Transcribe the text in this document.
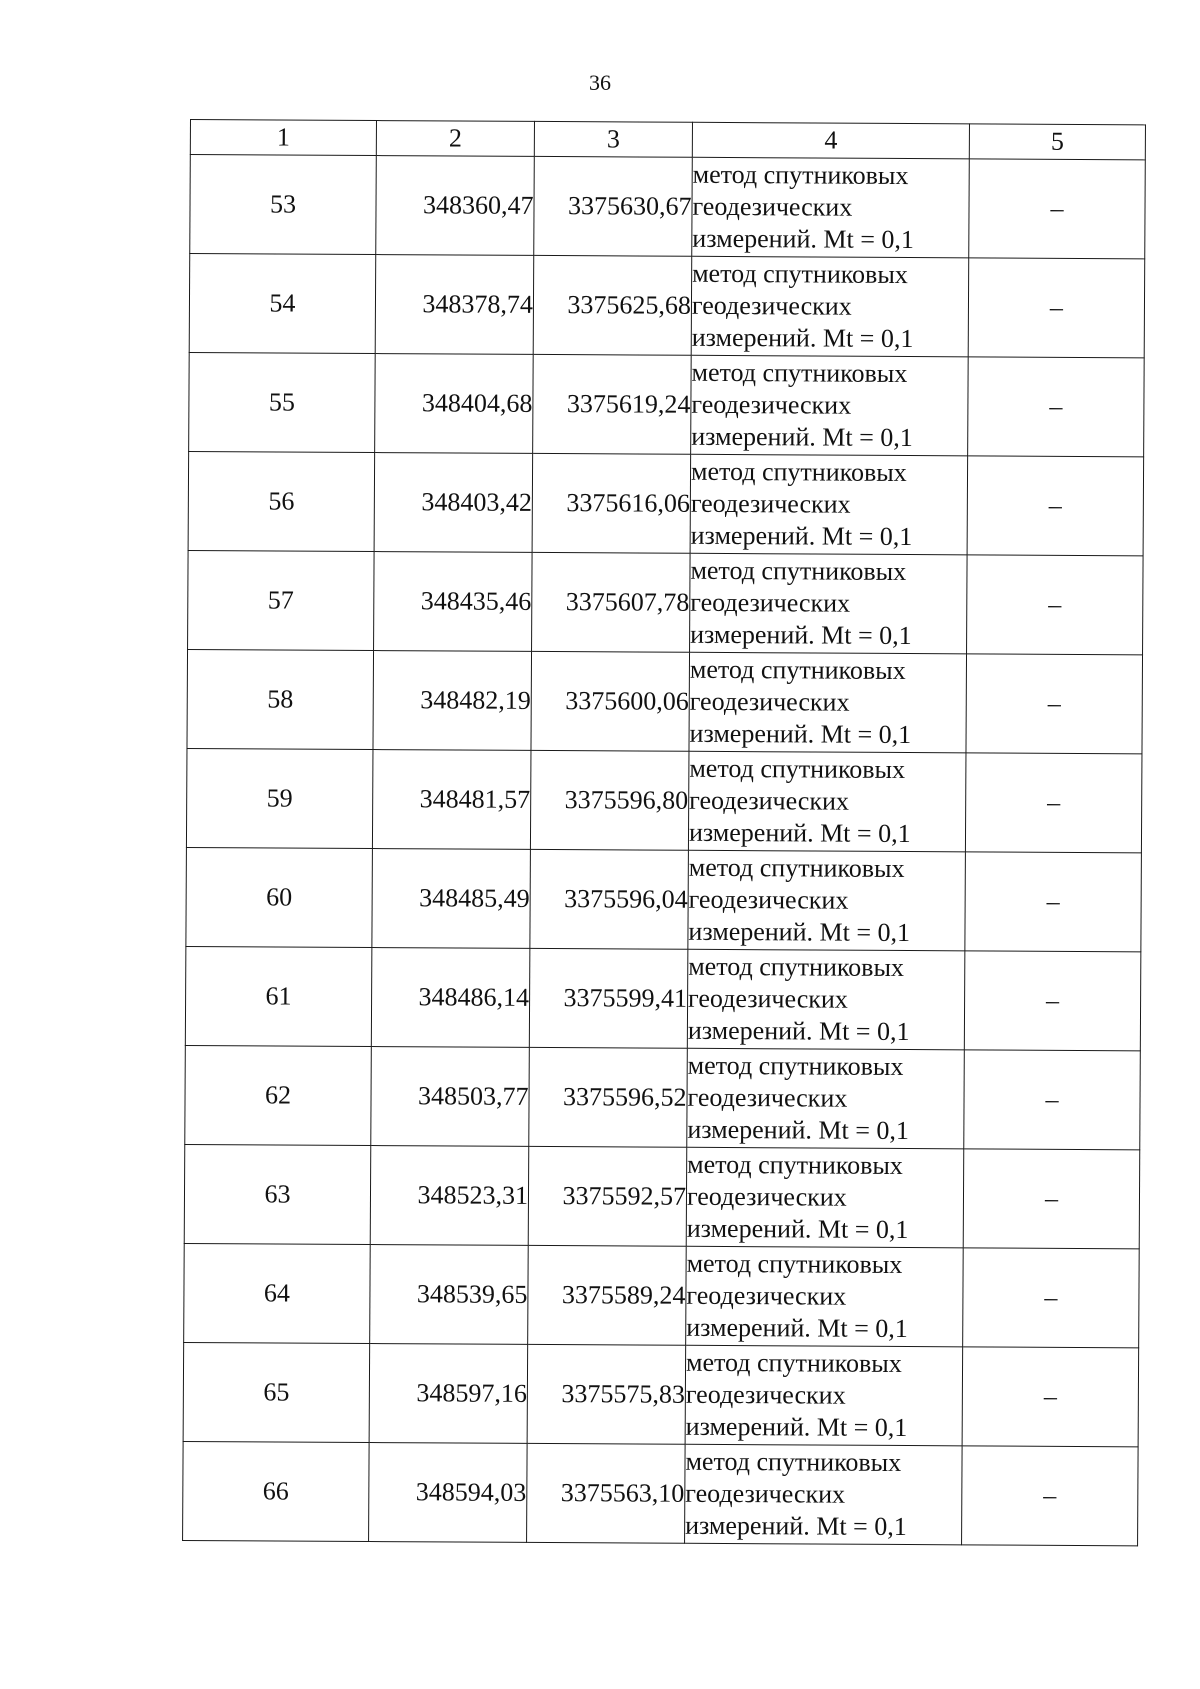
36
1	2	3	4	5
53	348360,47	3375630,67	метод спутниковых
геодезических
измерений. Mt = 0,1	–
54	348378,74	3375625,68	метод спутниковых
геодезических
измерений. Mt = 0,1	–
55	348404,68	3375619,24	метод спутниковых
геодезических
измерений. Mt = 0,1	–
56	348403,42	3375616,06	метод спутниковых
геодезических
измерений. Mt = 0,1	–
57	348435,46	3375607,78	метод спутниковых
геодезических
измерений. Mt = 0,1	–
58	348482,19	3375600,06	метод спутниковых
геодезических
измерений. Mt = 0,1	–
59	348481,57	3375596,80	метод спутниковых
геодезических
измерений. Mt = 0,1	–
60	348485,49	3375596,04	метод спутниковых
геодезических
измерений. Mt = 0,1	–
61	348486,14	3375599,41	метод спутниковых
геодезических
измерений. Mt = 0,1	–
62	348503,77	3375596,52	метод спутниковых
геодезических
измерений. Mt = 0,1	–
63	348523,31	3375592,57	метод спутниковых
геодезических
измерений. Mt = 0,1	–
64	348539,65	3375589,24	метод спутниковых
геодезических
измерений. Mt = 0,1	–
65	348597,16	3375575,83	метод спутниковых
геодезических
измерений. Mt = 0,1	–
66	348594,03	3375563,10	метод спутниковых
геодезических
измерений. Mt = 0,1	–
